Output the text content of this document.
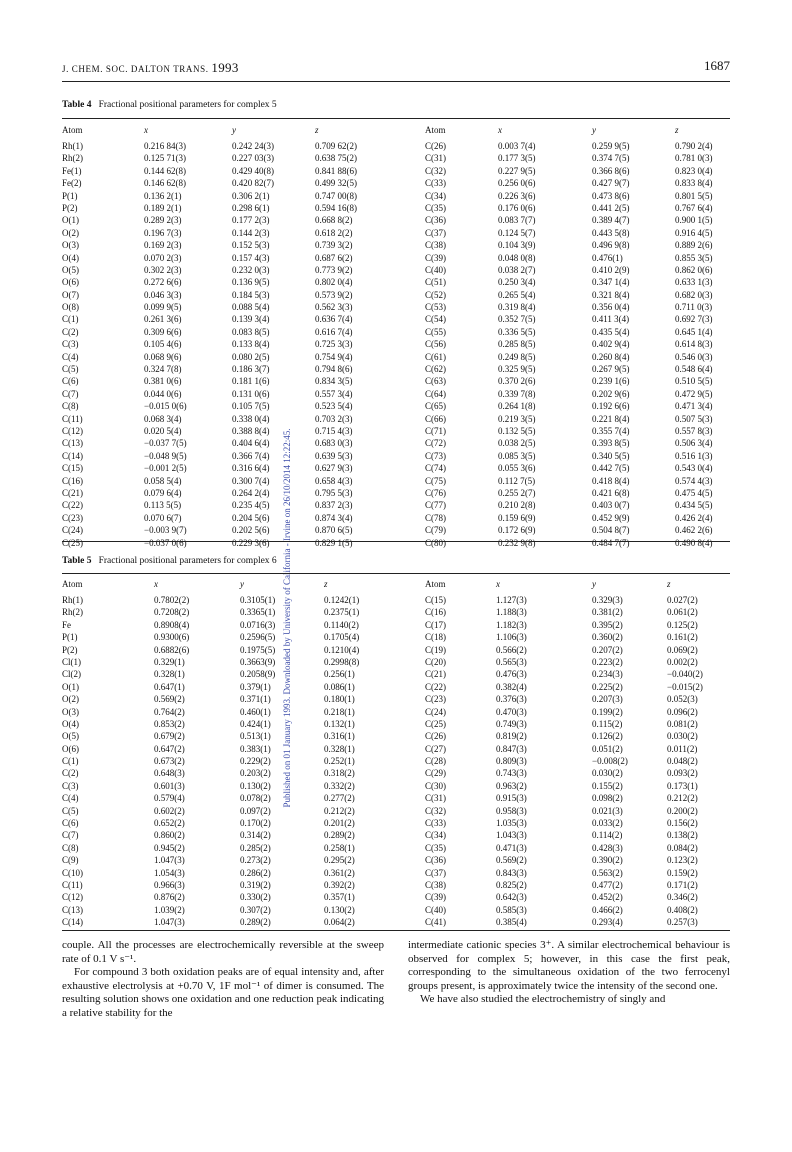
J. CHEM. SOC. DALTON TRANS. 1993	1687
Published on 01 January 1993. Downloaded by University of California - Irvine on 26/10/2014 12:22:45.
Table 4 Fractional positional parameters for complex 5
Atom	x	y	z	Atom	x	y	z
Rh(1)	0.216 84(3)	0.242 24(3)	0.709 62(2)	C(26)	0.003 7(4)	0.259 9(5)	0.790 2(4)
Rh(2)	0.125 71(3)	0.227 03(3)	0.638 75(2)	C(31)	0.177 3(5)	0.374 7(5)	0.781 0(3)
Fe(1)	0.144 62(8)	0.429 40(8)	0.841 88(6)	C(32)	0.227 9(5)	0.366 8(6)	0.823 0(4)
Fe(2)	0.146 62(8)	0.420 82(7)	0.499 32(5)	C(33)	0.256 0(6)	0.427 9(7)	0.833 8(4)
P(1)	0.136 2(1)	0.306 2(1)	0.747 00(8)	C(34)	0.226 3(6)	0.473 8(6)	0.801 5(5)
P(2)	0.189 2(1)	0.298 6(1)	0.594 16(8)	C(35)	0.176 0(6)	0.441 2(5)	0.767 6(4)
O(1)	0.289 2(3)	0.177 2(3)	0.668 8(2)	C(36)	0.083 7(7)	0.389 4(7)	0.900 1(5)
O(2)	0.196 7(3)	0.144 2(3)	0.618 2(2)	C(37)	0.124 5(7)	0.443 5(8)	0.916 4(5)
O(3)	0.169 2(3)	0.152 5(3)	0.739 3(2)	C(38)	0.104 3(9)	0.496 9(8)	0.889 2(6)
O(4)	0.070 2(3)	0.157 4(3)	0.687 6(2)	C(39)	0.048 0(8)	0.476(1)	0.855 3(5)
O(5)	0.302 2(3)	0.232 0(3)	0.773 9(2)	C(40)	0.038 2(7)	0.410 2(9)	0.862 0(6)
O(6)	0.272 6(6)	0.136 9(5)	0.802 0(4)	C(51)	0.250 3(4)	0.347 1(4)	0.633 1(3)
O(7)	0.046 3(3)	0.184 5(3)	0.573 9(2)	C(52)	0.265 5(4)	0.321 8(4)	0.682 0(3)
O(8)	0.099 9(5)	0.088 5(4)	0.562 3(3)	C(53)	0.319 8(4)	0.356 0(4)	0.711 0(3)
C(1)	0.261 3(6)	0.139 3(4)	0.636 7(4)	C(54)	0.352 7(5)	0.411 3(4)	0.692 7(3)
C(2)	0.309 6(6)	0.083 8(5)	0.616 7(4)	C(55)	0.336 5(5)	0.435 5(4)	0.645 1(4)
C(3)	0.105 4(6)	0.133 8(4)	0.725 3(3)	C(56)	0.285 8(5)	0.402 9(4)	0.614 8(3)
C(4)	0.068 9(6)	0.080 2(5)	0.754 9(4)	C(61)	0.249 8(5)	0.260 8(4)	0.546 0(3)
C(5)	0.324 7(8)	0.186 3(7)	0.794 8(6)	C(62)	0.325 9(5)	0.267 9(5)	0.548 6(4)
C(6)	0.381 0(6)	0.181 1(6)	0.834 3(5)	C(63)	0.370 2(6)	0.239 1(6)	0.510 5(5)
C(7)	0.044 0(6)	0.131 0(6)	0.557 3(4)	C(64)	0.339 7(8)	0.202 9(6)	0.472 9(5)
C(8)	−0.015 0(6)	0.105 7(5)	0.523 5(4)	C(65)	0.264 1(8)	0.192 6(6)	0.471 3(4)
C(11)	0.068 3(4)	0.338 0(4)	0.703 2(3)	C(66)	0.219 3(5)	0.221 8(4)	0.507 5(3)
C(12)	0.020 5(4)	0.388 8(4)	0.715 4(3)	C(71)	0.132 5(5)	0.355 7(4)	0.557 8(3)
C(13)	−0.037 7(5)	0.404 6(4)	0.683 0(3)	C(72)	0.038 2(5)	0.393 8(5)	0.506 3(4)
C(14)	−0.048 9(5)	0.366 7(4)	0.639 5(3)	C(73)	0.085 3(5)	0.340 5(5)	0.516 1(3)
C(15)	−0.001 2(5)	0.316 6(4)	0.627 9(3)	C(74)	0.055 3(6)	0.442 7(5)	0.543 0(4)
C(16)	0.058 5(4)	0.300 7(4)	0.658 4(3)	C(75)	0.112 7(5)	0.418 8(4)	0.574 4(3)
C(21)	0.079 6(4)	0.264 2(4)	0.795 5(3)	C(76)	0.255 2(7)	0.421 6(8)	0.475 4(5)
C(22)	0.113 5(5)	0.235 4(5)	0.837 2(3)	C(77)	0.210 2(8)	0.403 0(7)	0.434 5(5)
C(23)	0.070 6(7)	0.204 5(6)	0.874 3(4)	C(78)	0.159 6(9)	0.452 9(9)	0.426 2(4)
C(24)	−0.003 9(7)	0.202 5(6)	0.870 6(5)	C(79)	0.172 6(9)	0.504 8(7)	0.462 2(6)
C(25)	−0.037 0(6)	0.229 3(6)	0.829 1(5)	C(80)	0.232 9(8)	0.484 7(7)	0.490 8(4)
Table 5 Fractional positional parameters for complex 6
Atom	x	y	z	Atom	x	y	z
Rh(1)	0.7802(2)	0.3105(1)	0.1242(1)	C(15)	1.127(3)	0.329(3)	0.027(2)
Rh(2)	0.7208(2)	0.3365(1)	0.2375(1)	C(16)	1.188(3)	0.381(2)	0.061(2)
Fe	0.8908(4)	0.0716(3)	0.1140(2)	C(17)	1.182(3)	0.395(2)	0.125(2)
P(1)	0.9300(6)	0.2596(5)	0.1705(4)	C(18)	1.106(3)	0.360(2)	0.161(2)
P(2)	0.6882(6)	0.1975(5)	0.1210(4)	C(19)	0.566(2)	0.207(2)	0.069(2)
Cl(1)	0.329(1)	0.3663(9)	0.2998(8)	C(20)	0.565(3)	0.223(2)	0.002(2)
Cl(2)	0.328(1)	0.2058(9)	0.256(1)	C(21)	0.476(3)	0.234(3)	−0.040(2)
O(1)	0.647(1)	0.379(1)	0.086(1)	C(22)	0.382(4)	0.225(2)	−0.015(2)
O(2)	0.569(2)	0.371(1)	0.180(1)	C(23)	0.376(3)	0.207(3)	0.052(3)
O(3)	0.764(2)	0.460(1)	0.218(1)	C(24)	0.470(3)	0.199(2)	0.096(2)
O(4)	0.853(2)	0.424(1)	0.132(1)	C(25)	0.749(3)	0.115(2)	0.081(2)
O(5)	0.679(2)	0.513(1)	0.316(1)	C(26)	0.819(2)	0.126(2)	0.030(2)
O(6)	0.647(2)	0.383(1)	0.328(1)	C(27)	0.847(3)	0.051(2)	0.011(2)
C(1)	0.673(2)	0.229(2)	0.252(1)	C(28)	0.809(3)	−0.008(2)	0.048(2)
C(2)	0.648(3)	0.203(2)	0.318(2)	C(29)	0.743(3)	0.030(2)	0.093(2)
C(3)	0.601(3)	0.130(2)	0.332(2)	C(30)	0.963(2)	0.155(2)	0.173(1)
C(4)	0.579(4)	0.078(2)	0.277(2)	C(31)	0.915(3)	0.098(2)	0.212(2)
C(5)	0.602(2)	0.097(2)	0.212(2)	C(32)	0.958(3)	0.021(3)	0.200(2)
C(6)	0.652(2)	0.170(2)	0.201(2)	C(33)	1.035(3)	0.033(2)	0.156(2)
C(7)	0.860(2)	0.314(2)	0.289(2)	C(34)	1.043(3)	0.114(2)	0.138(2)
C(8)	0.945(2)	0.285(2)	0.258(1)	C(35)	0.471(3)	0.428(3)	0.084(2)
C(9)	1.047(3)	0.273(2)	0.295(2)	C(36)	0.569(2)	0.390(2)	0.123(2)
C(10)	1.054(3)	0.286(2)	0.361(2)	C(37)	0.843(3)	0.563(2)	0.159(2)
C(11)	0.966(3)	0.319(2)	0.392(2)	C(38)	0.825(2)	0.477(2)	0.171(2)
C(12)	0.876(2)	0.330(2)	0.357(1)	C(39)	0.642(3)	0.452(2)	0.346(2)
C(13)	1.039(2)	0.307(2)	0.130(2)	C(40)	0.585(3)	0.466(2)	0.408(2)
C(14)	1.047(3)	0.289(2)	0.064(2)	C(41)	0.385(4)	0.293(4)	0.257(3)

couple. All the processes are electrochemically reversible at the sweep rate of 0.1 V s⁻¹.

For compound 3 both oxidation peaks are of equal intensity and, after exhaustive electrolysis at +0.70 V, 1F mol⁻¹ of dimer is consumed. The resulting solution shows one oxidation and one reduction peak indicating a relative stability for the

intermediate cationic species 3⁺. A similar electrochemical behaviour is observed for complex 5; however, in this case the first peak, corresponding to the simultaneous oxidation of the two ferrocenyl groups present, is approximately twice the intensity of the second one.

We have also studied the electrochemistry of singly and
